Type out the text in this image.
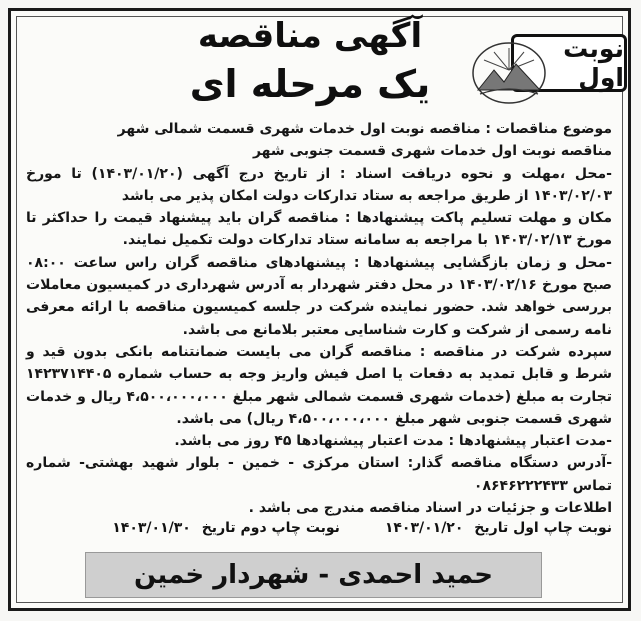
نوبت اول
آگهی مناقصه
یک مرحله ای

موضوع مناقصات : مناقصه نوبت اول خدمات شهری قسمت شمالی شهر

مناقصه نوبت اول خدمات شهری قسمت جنوبی شهر

-محل ،مهلت و نحوه دریافت اسناد : از تاریخ درج آگهی (۱۴۰۳/۰۱/۲۰) تا مورخ ۱۴۰۳/۰۲/۰۳ از طریق مراجعه به ستاد تدارکات دولت امکان پذیر می باشد

مکان و مهلت تسلیم پاکت پیشنهادها : مناقصه گران باید پیشنهاد قیمت را حداکثر تا مورخ ۱۴۰۳/۰۲/۱۳ با مراجعه به سامانه ستاد تدارکات دولت تکمیل نمایند.

-محل و زمان بازگشایی پیشنهادها : پیشنهادهای مناقصه گران راس ساعت ۰۸:۰۰ صبح مورخ ۱۴۰۳/۰۲/۱۶ در محل دفتر شهردار به آدرس شهرداری در کمیسیون معاملات بررسی خواهد شد. حضور نماینده شرکت در جلسه کمیسیون مناقصه با ارائه معرفی نامه رسمی از شرکت و کارت شناسایی معتبر بلامانع می باشد.

سپرده شرکت در مناقصه : مناقصه گران می بایست ضمانتنامه بانکی بدون قید و شرط و قابل تمدید به دفعات یا اصل فیش واریز وجه به حساب شماره ۱۴۲۳۷۱۴۴۰۵ تجارت به مبلغ (خدمات شهری قسمت شمالی شهر مبلغ ۴،۵۰۰،۰۰۰،۰۰۰ ریال و خدمات شهری قسمت جنوبی شهر مبلغ ۴،۵۰۰،۰۰۰،۰۰۰ ریال) می باشد.

-مدت اعتبار پیشنهادها : مدت اعتبار پیشنهادها ۴۵ روز می باشد.

-آدرس دستگاه مناقصه گذار: استان مرکزی - خمین - بلوار شهید بهشتی- شماره تماس ۰۸۶۴۶۲۲۲۴۳۳

اطلاعات و جزئیات در اسناد مناقصه مندرج می باشد .

نوبت چاپ اول تاریخ ۱۴۰۳/۰۱/۲۰ نوبت چاپ دوم تاریخ ۱۴۰۳/۰۱/۳۰
حمید احمدی - شهردار خمین
